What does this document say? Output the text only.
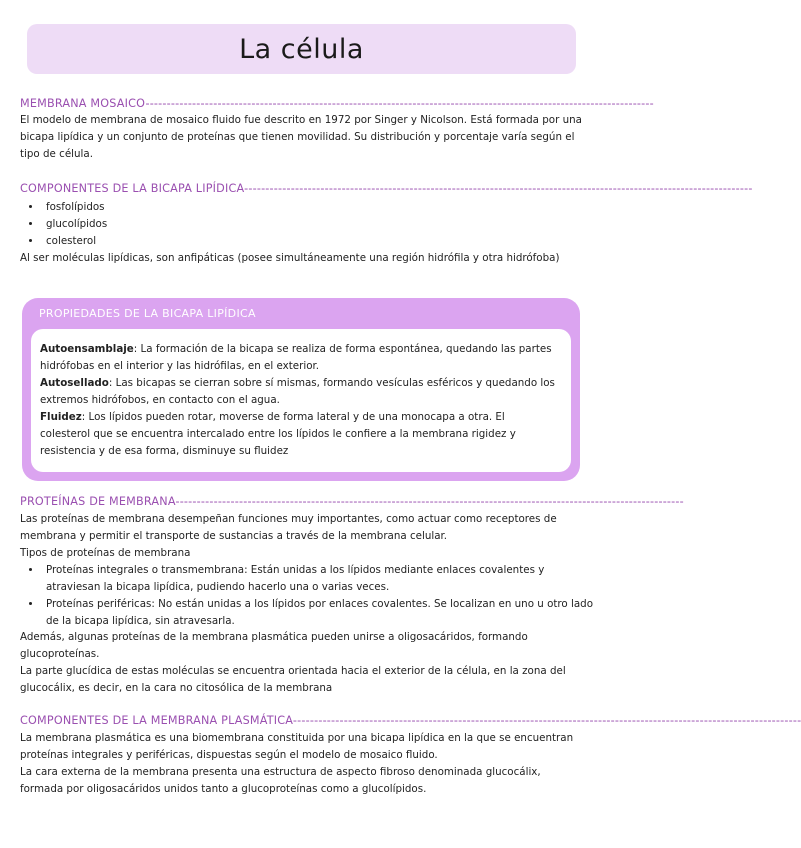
La célula
MEMBRANA MOSAICO------------------------------------------------------------------------------------------------------------------------

El modelo de membrana de mosaico fluido fue descrito en 1972 por Singer y Nicolson. Está formada por una bicapa lipídica y un conjunto de proteínas que tienen movilidad. Su distribución y porcentaje varía según el tipo de célula.

COMPONENTES DE LA BICAPA LIPÍDICA------------------------------------------------------------------------------------------------------------------------
• fosfolípidos
• glucolípidos
• colesterol

Al ser moléculas lipídicas, son anfipáticas (posee simultáneamente una región hidrófila y otra hidrófoba)

PROPIEDADES DE LA BICAPA LIPÍDICA

Autoensamblaje: La formación de la bicapa se realiza de forma espontánea, quedando las partes hidrófobas en el interior y las hidrófilas, en el exterior.

Autosellado: Las bicapas se cierran sobre sí mismas, formando vesículas esféricos y quedando los extremos hidrófobos, en contacto con el agua.

Fluidez: Los lípidos pueden rotar, moverse de forma lateral y de una monocapa a otra. El colesterol que se encuentra intercalado entre los lípidos le confiere a la membrana rigidez y resistencia y de esa forma, disminuye su fluidez

PROTEÍNAS DE MEMBRANA------------------------------------------------------------------------------------------------------------------------

Las proteínas de membrana desempeñan funciones muy importantes, como actuar como receptores de membrana y permitir el transporte de sustancias a través de la membrana celular.

Tipos de proteínas de membrana

• Proteínas integrales o transmembrana: Están unidas a los lípidos mediante enlaces covalentes y atraviesan la bicapa lipídica, pudiendo hacerlo una o varias veces.
• Proteínas periféricas: No están unidas a los lípidos por enlaces covalentes. Se localizan en uno u otro lado de la bicapa lipídica, sin atravesarla.

Además, algunas proteínas de la membrana plasmática pueden unirse a oligosacáridos, formando glucoproteínas.

La parte glucídica de estas moléculas se encuentra orientada hacia el exterior de la célula, en la zona del glucocálix, es decir, en la cara no citosólica de la membrana

COMPONENTES DE LA MEMBRANA PLASMÁTICA------------------------------------------------------------------------------------------------------------------------

La membrana plasmática es una biomembrana constituida por una bicapa lipídica en la que se encuentran proteínas integrales y periféricas, dispuestas según el modelo de mosaico fluido.

La cara externa de la membrana presenta una estructura de aspecto fibroso denominada glucocálix, formada por oligosacáridos unidos tanto a glucoproteínas como a glucolípidos.
